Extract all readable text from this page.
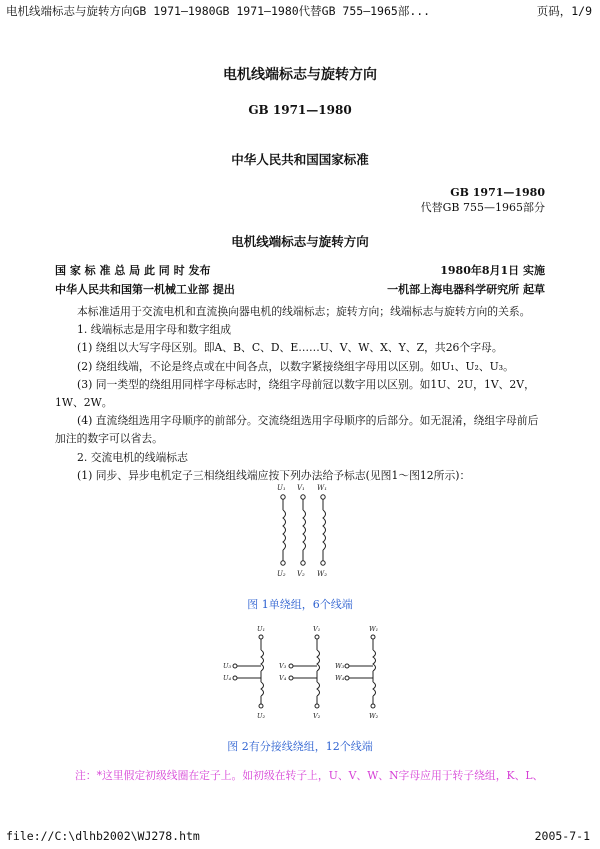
电机线端标志与旋转方向GB 1971—1980GB 1971—1980代替GB 755—1965部...	页码，1/9
电机线端标志与旋转方向
GB 1971—1980
中华人民共和国国家标准
GB 1971—1980
代替GB 755—1965部分
电机线端标志与旋转方向
国 家 标 准 总 局 此 同 时 发布	1980年8月1日 实施
中华人民共和国第一机械工业部 提出	一机部上海电器科学研究所 起草

本标准适用于交流电机和直流换向器电机的线端标志；旋转方向；线端标志与旋转方向的关系。

1. 线端标志是用字母和数字组成

(1) 绕组以大写字母区别。即A、B、C、D、E……U、V、W、X、Y、Z，共26个字母。

(2) 绕组线端，不论是终点或在中间各点，以数字紧接绕组字母用以区别。如U₁、U₂、U₃。

(3) 同一类型的绕组用同样字母标志时，绕组字母前冠以数字用以区别。如1U、2U，1V、2V，1W、2W。

(4) 直流绕组选用字母顺序的前部分。交流绕组选用字母顺序的后部分。如无混淆，绕组字母前后加注的数字可以省去。

2. 交流电机的线端标志

(1) 同步、异步电机定子三相绕组线端应按下列办法给予标志(见图1～图12所示)：

U₁ V₁ W₁
U₂ V₂ W₂
图 1单绕组，6个线端
U₁	V₁	W₁
U₃
U₄
V₃
V₄
W₃
W₄
U₂	V₂	W₂
图 2有分接线绕组，12个线端
注：*这里假定初级线圈在定子上。如初级在转子上，U、V、W、N字母应用于转子绕组，K、L、
file://C:\dlhb2002\WJ278.htm	2005-7-1
